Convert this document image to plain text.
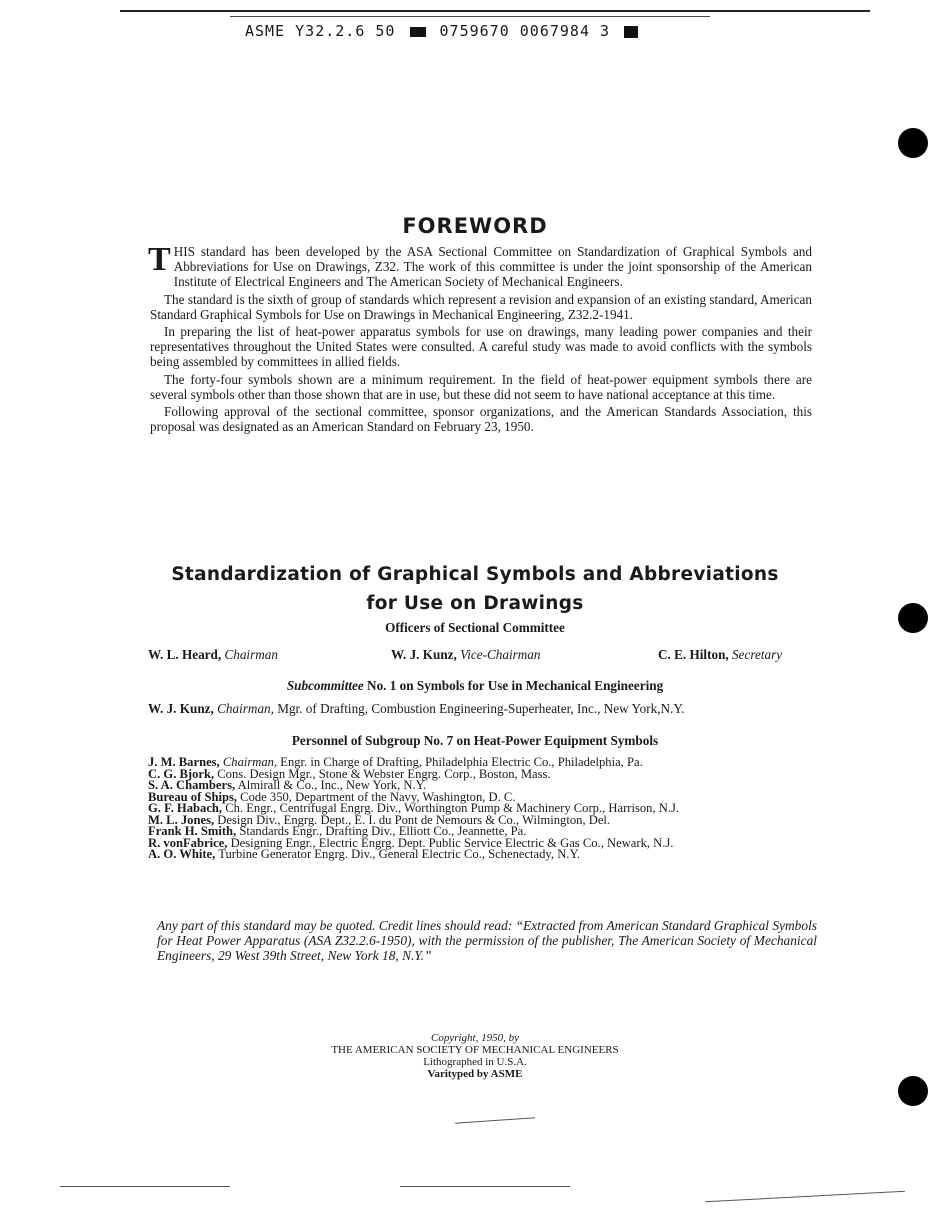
ASME Y32.2.6 50	0759670 0067984 3
FOREWORD

THIS standard has been developed by the ASA Sectional Committee on Standardization of Graphical Symbols and Abbreviations for Use on Drawings, Z32. The work of this committee is under the joint sponsorship of the American Institute of Electrical Engineers and The American Society of Mechanical Engineers.

The standard is the sixth of group of standards which represent a revision and expansion of an existing standard, American Standard Graphical Symbols for Use on Drawings in Mechanical Engineering, Z32.2-1941.

In preparing the list of heat-power apparatus symbols for use on drawings, many leading power companies and their representatives throughout the United States were consulted. A careful study was made to avoid conflicts with the symbols being assembled by committees in allied fields.

The forty-four symbols shown are a minimum requirement. In the field of heat-power equipment symbols there are several symbols other than those shown that are in use, but these did not seem to have national acceptance at this time.

Following approval of the sectional committee, sponsor organizations, and the American Standards Association, this proposal was designated as an American Standard on February 23, 1950.

Standardization of Graphical Symbols and Abbreviations
for Use on Drawings
Officers of Sectional Committee
W. L. Heard, Chairman	W. J. Kunz, Vice-Chairman	C. E. Hilton, Secretary
Subcommittee No. 1 on Symbols for Use in Mechanical Engineering
W. J. Kunz, Chairman, Mgr. of Drafting, Combustion Engineering-Superheater, Inc., New York,N.Y.
Personnel of Subgroup No. 7 on Heat-Power Equipment Symbols
J. M. Barnes, Chairman, Engr. in Charge of Drafting, Philadelphia Electric Co., Philadelphia, Pa.
C. G. Bjork, Cons. Design Mgr., Stone & Webster Engrg. Corp., Boston, Mass.
S. A. Chambers, Almirall & Co., Inc., New York, N.Y.
Bureau of Ships, Code 350, Department of the Navy, Washington, D. C.
G. F. Habach, Ch. Engr., Centrifugal Engrg. Div., Worthington Pump & Machinery Corp., Harrison, N.J.
M. L. Jones, Design Div., Engrg. Dept., E. I. du Pont de Nemours & Co., Wilmington, Del.
Frank H. Smith, Standards Engr., Drafting Div., Elliott Co., Jeannette, Pa.
R. vonFabrice, Designing Engr., Electric Engrg. Dept. Public Service Electric & Gas Co., Newark, N.J.
A. O. White, Turbine Generator Engrg. Div., General Electric Co., Schenectady, N.Y.
Any part of this standard may be quoted. Credit lines should read: “Extracted from American Standard Graphical Symbols for Heat Power Apparatus (ASA Z32.2.6-1950), with the permission of the publisher, The American Society of Mechanical Engineers, 29 West 39th Street, New York 18, N.Y.”
Copyright, 1950, by
THE AMERICAN SOCIETY OF MECHANICAL ENGINEERS
Lithographed in U.S.A.
Varityped by ASME
